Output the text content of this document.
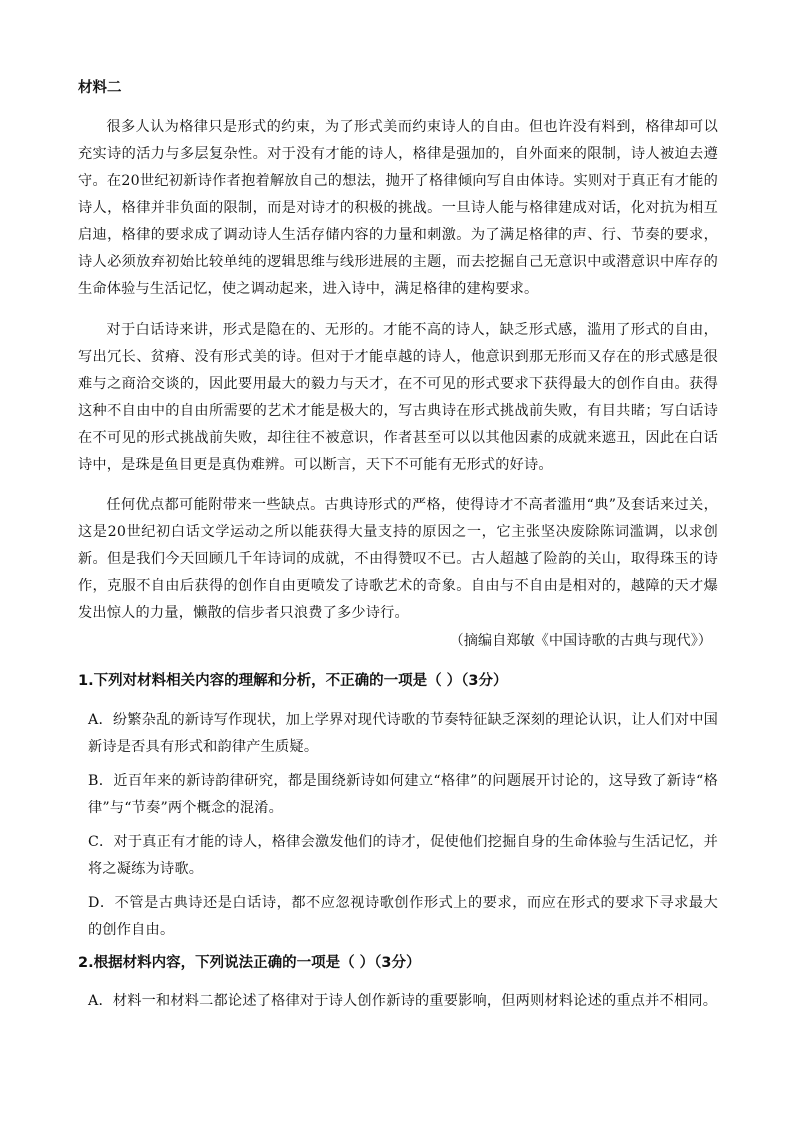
材料二

很多人认为格律只是形式的约束，为了形式美而约束诗人的自由。但也许没有料到，格律却可以充实诗的活力与多层复杂性。对于没有才能的诗人，格律是强加的，自外面来的限制，诗人被迫去遵守。在20世纪初新诗作者抱着解放自己的想法，抛开了格律倾向写自由体诗。实则对于真正有才能的诗人，格律并非负面的限制，而是对诗才的积极的挑战。一旦诗人能与格律建成对话，化对抗为相互启迪，格律的要求成了调动诗人生活存储内容的力量和刺激。为了满足格律的声、行、节奏的要求，诗人必须放弃初始比较单纯的逻辑思维与线形进展的主题，而去挖掘自己无意识中或潜意识中库存的生命体验与生活记忆，使之调动起来，进入诗中，满足格律的建构要求。

对于白话诗来讲，形式是隐在的、无形的。才能不高的诗人，缺乏形式感，滥用了形式的自由，写出冗长、贫瘠、没有形式美的诗。但对于才能卓越的诗人，他意识到那无形而又存在的形式感是很难与之商洽交谈的，因此要用最大的毅力与天才，在不可见的形式要求下获得最大的创作自由。获得这种不自由中的自由所需要的艺术才能是极大的，写古典诗在形式挑战前失败，有目共睹；写白话诗在不可见的形式挑战前失败，却往往不被意识，作者甚至可以以其他因素的成就来遮丑，因此在白话诗中，是珠是鱼目更是真伪难辨。可以断言，天下不可能有无形式的好诗。

任何优点都可能附带来一些缺点。古典诗形式的严格，使得诗才不高者滥用“典”及套话来过关，这是20世纪初白话文学运动之所以能获得大量支持的原因之一，它主张坚决废除陈词滥调，以求创新。但是我们今天回顾几千年诗词的成就，不由得赞叹不已。古人超越了险韵的关山，取得珠玉的诗作，克服不自由后获得的创作自由更喷发了诗歌艺术的奇象。自由与不自由是相对的，越障的天才爆发出惊人的力量，懒散的信步者只浪费了多少诗行。

（摘编自郑敏《中国诗歌的古典与现代》）

1.下列对材料相关内容的理解和分析，不正确的一项是（ ）（3分）

A．纷繁杂乱的新诗写作现状，加上学界对现代诗歌的节奏特征缺乏深刻的理论认识，让人们对中国新诗是否具有形式和韵律产生质疑。

B．近百年来的新诗韵律研究，都是围绕新诗如何建立“格律”的问题展开讨论的，这导致了新诗“格律”与“节奏”两个概念的混淆。

C．对于真正有才能的诗人，格律会激发他们的诗才，促使他们挖掘自身的生命体验与生活记忆，并将之凝练为诗歌。

D．不管是古典诗还是白话诗，都不应忽视诗歌创作形式上的要求，而应在形式的要求下寻求最大的创作自由。

2.根据材料内容，下列说法正确的一项是（ ）（3分）

A．材料一和材料二都论述了格律对于诗人创作新诗的重要影响，但两则材料论述的重点并不相同。
